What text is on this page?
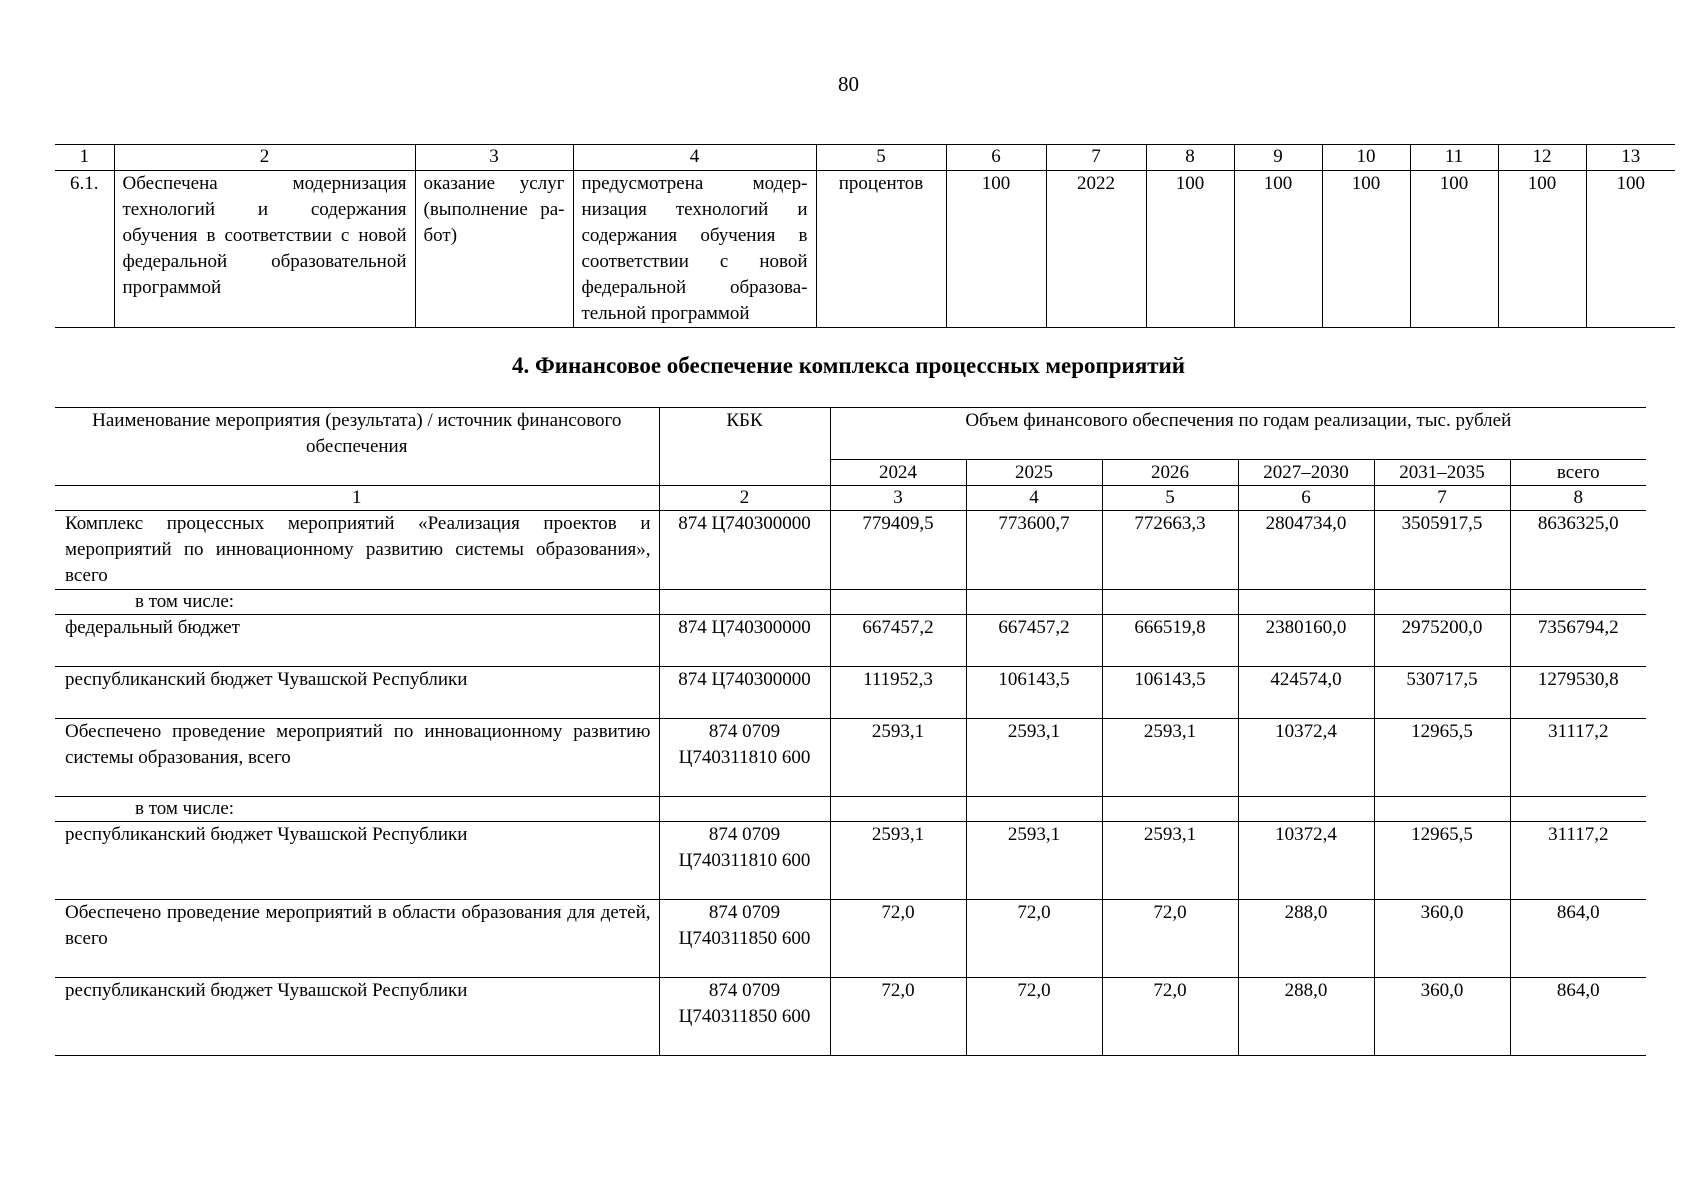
80
1	2	3	4	5	6	7	8	9	10	11	12	13
6.1.	Обеспечена модернизация технологий и содержания обучения в соответствии с новой федеральной образовательной программой	оказание услуг (выполнение работ)	предусмотрена модернизация технологий и содержания обучения в соответствии с новой федеральной образовательной программой	процентов	100	2022	100	100	100	100	100	100
4. Финансовое обеспечение комплекса процессных мероприятий
Наименование мероприятия (результата) / источник финансового обеспечения	КБК	Объем финансового обеспечения по годам реализации, тыс. рублей					
		2024	2025	2026	2027–2030	2031–2035	всего
1	2	3	4	5	6	7	8
Комплекс процессных мероприятий «Реализация проектов и мероприятий по инновационному развитию системы образования», всего	874 Ц740300000	779409,5	773600,7	772663,3	2804734,0	3505917,5	8636325,0
в том числе:							
федеральный бюджет	874 Ц740300000	667457,2	667457,2	666519,8	2380160,0	2975200,0	7356794,2
республиканский бюджет Чувашской Республики	874 Ц740300000	111952,3	106143,5	106143,5	424574,0	530717,5	1279530,8
Обеспечено проведение мероприятий по инновационному развитию системы образования, всего	874 0709 Ц740311810 600	2593,1	2593,1	2593,1	10372,4	12965,5	31117,2
в том числе:							
республиканский бюджет Чувашской Республики	874 0709 Ц740311810 600	2593,1	2593,1	2593,1	10372,4	12965,5	31117,2
Обеспечено проведение мероприятий в области образования для детей, всего	874 0709 Ц740311850 600	72,0	72,0	72,0	288,0	360,0	864,0
республиканский бюджет Чувашской Республики	874 0709 Ц740311850 600	72,0	72,0	72,0	288,0	360,0	864,0
